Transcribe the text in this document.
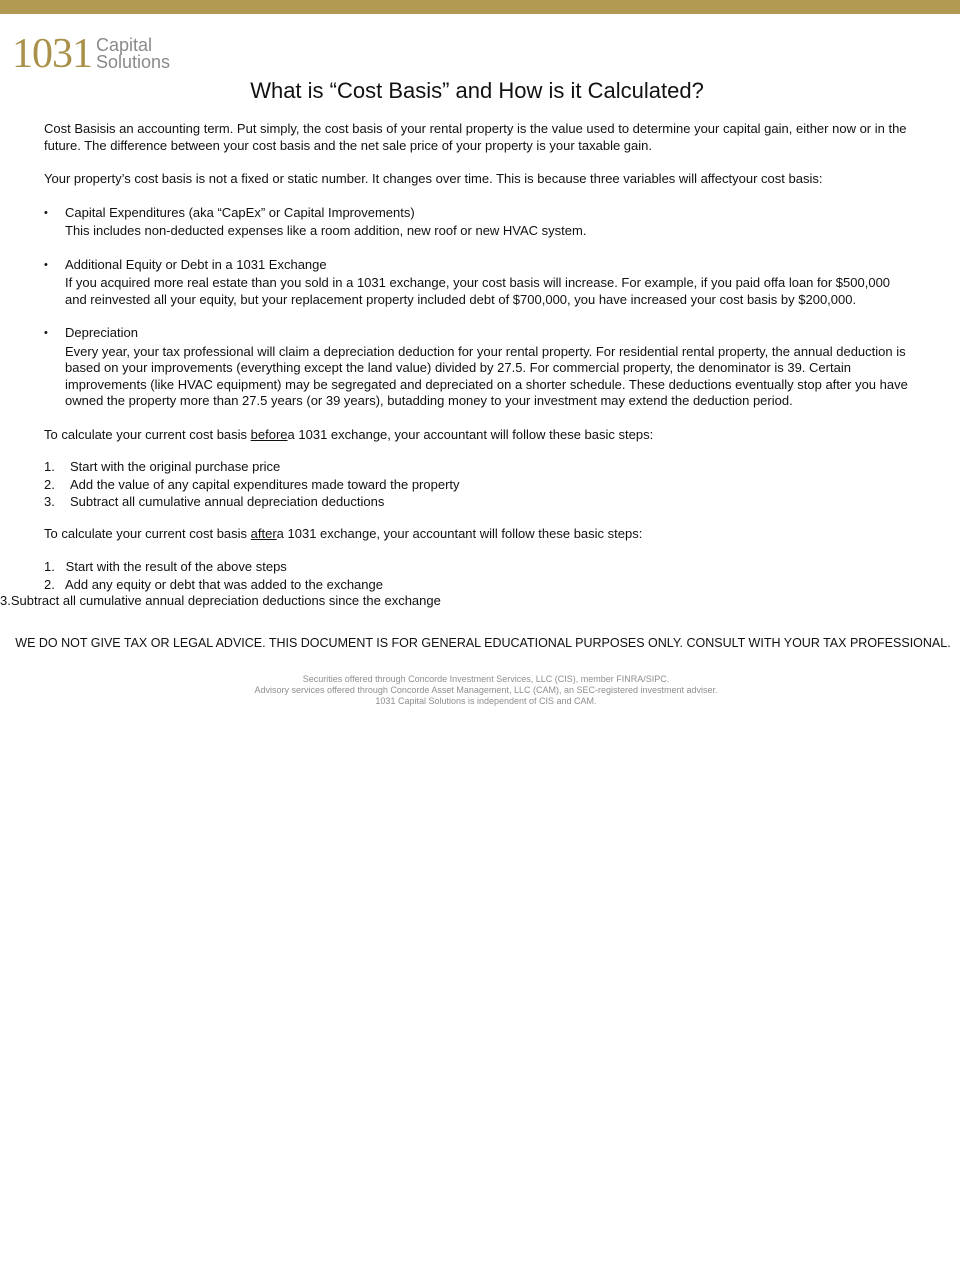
1031 Capital
Solutions
What is “Cost Basis” and How is it Calculated?

Cost Basisis an accounting term. Put simply, the cost basis of your rental property is the value used to determine your capital gain, either now or in the future. The difference between your cost basis and the net sale price of your property is your taxable gain.

Your property’s cost basis is not a fixed or static number. It changes over time. This is because three variables will affectyour cost basis:

• Capital Expenditures (aka “CapEx” or Capital Improvements)
This includes non-deducted expenses like a room addition, new roof or new HVAC system.
• Additional Equity or Debt in a 1031 Exchange
If you acquired more real estate than you sold in a 1031 exchange, your cost basis will increase. For example, if you paid offa loan for $500,000 and reinvested all your equity, but your replacement property included debt of $700,000, you have increased your cost basis by $200,000.
• Depreciation
Every year, your tax professional will claim a depreciation deduction for your rental property. For residential rental property, the annual deduction is based on your improvements (everything except the land value) divided by 27.5. For commercial property, the denominator is 39. Certain improvements (like HVAC equipment) may be segregated and depreciated on a shorter schedule. These deductions eventually stop after you have owned the property more than 27.5 years (or 39 years), butadding money to your investment may extend the deduction period.

To calculate your current cost basis beforea 1031 exchange, your accountant will follow these basic steps:

1.	Start with the original purchase price
2.	Add the value of any capital expenditures made toward the property
3.	Subtract all cumulative annual depreciation deductions

To calculate your current cost basis aftera 1031 exchange, your accountant will follow these basic steps:

1.   Start with the result of the above steps
2.   Add any equity or debt that was added to the exchange
3.Subtract all cumulative annual depreciation deductions since the exchange
WE DO NOT GIVE TAX OR LEGAL ADVICE. THIS DOCUMENT IS FOR GENERAL EDUCATIONAL PURPOSES ONLY. CONSULT WITH YOUR TAX PROFESSIONAL.
Securities offered through Concorde Investment Services, LLC (CIS), member FINRA/SIPC.
Advisory services offered through Concorde Asset Management, LLC (CAM), an SEC-registered investment adviser.
1031 Capital Solutions is independent of CIS and CAM.
